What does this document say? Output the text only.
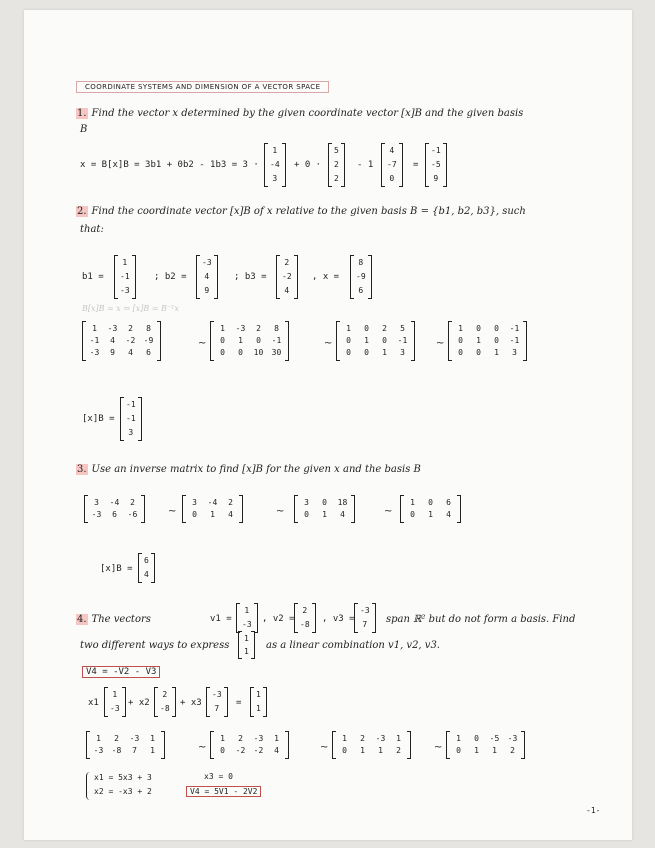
COORDINATE SYSTEMS AND DIMENSION OF A VECTOR SPACE
1. Find the vector x determined by the given coordinate vector [x]B and the given basis
B
x = B[x]B = 3b1 + 0b2 - 1b3 = 3 ·
1
-4
3
+ 0 ·
5
2
2
- 1
4
-7
0
=
-1
-5
9
2. Find the coordinate vector [x]B of x relative to the given basis B = {b1, b2, b3}, such
that:
b1 =
1
-1
-3
; b2 =
-3
4
9
; b3 =
2
-2
4
, x =
8
-9
6
B[x]B = x ⇒ [x]B = B⁻¹x
1	-3	2	8
-1	4	-2 -9
-3	9	4	6
~
1	-3	2	8
0	1	0	-1
0	0	10 30
~
1	0	2	5
0	1	0	-1
0	0	1	3
~
1	0	0	-1
0	1	0	-1
0	0	1	3
[x]B =
-1
-1
3
3. Use an inverse matrix to find [x]B for the given x and the basis B
3	-4	2
-3	6	-6	~
3	-4	2
0	1	4	~
3	0	18
0	1	4	~
1	0	6
0	1	4
[x]B =
6
4
4. The vectors	v1 =
1
-3
, v2 =
2
-8
, v3 =
-3
7 span ℝ² but do not form a basis. Find
two different ways to express
1
1 as a linear combination v1, v2, v3.
V4 = -V2 - V3
x1
1
-3
+ x2
2
-8
+ x3
-3
7
=
1
1
1	2	-3	1
-3 -8	7	1	~
1	2	-3	1
0	-2 -2	4	~
1	2	-3	1
0	1	1	2	~
1	0	-5 -3
0	1	1	2
x1 = 5x3 + 3
x2 = -x3 + 2
x3 = 0
V4 = 5V1 - 2V2
-1-
